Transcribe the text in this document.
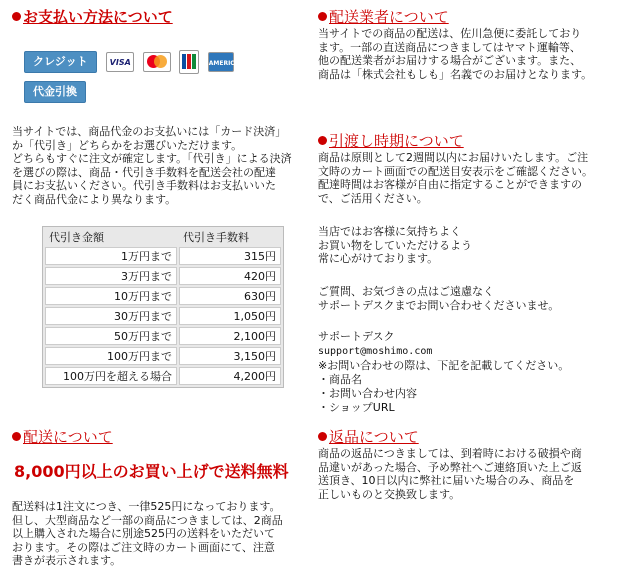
お支払い方法について
クレジット	VISA

	AMERICAN EXPRESS
代金引換
当サイトでは、商品代金のお支払いには「カード決済」
か「代引き」どちらかをお選びいただけます。
どちらもすぐに注文が確定します。「代引き」による決済
を選びの際は、商品・代引き手数料を配送会社の配達
員にお支払いください。代引き手数料はお支払いいた
だく商品代金により異なります。
代引き金額	代引き手数料
1万円まで	315円
3万円まで	420円
10万円まで	630円
30万円まで	1,050円
50万円まで	2,100円
100万円まで	3,150円
100万円を超える場合	4,200円
配送について
8,000円以上のお買い上げで送料無料
配送料は1注文につき、一律525円になっております。
但し、大型商品など一部の商品につきましては、2商品
以上購入された場合に別途525円の送料をいただいて
おります。その際はご注文時のカート画面にて、注意
書きが表示されます。
配送業者について
当サイトでの商品の配送は、佐川急便に委託しており
ます。一部の直送商品につきましてはヤマト運輸等、
他の配送業者がお届けする場合がございます。また、
商品は「株式会社もしも」名義でのお届けとなります。
引渡し時期について
商品は原則として2週間以内にお届けいたします。ご注
文時のカート画面での配送目安表示をご確認ください。
配達時間はお客様が自由に指定することができますの
で、ご活用ください。
当店ではお客様に気持ちよく
お買い物をしていただけるよう
常に心がけております。
ご質問、お気づきの点はご遠慮なく
サポートデスクまでお問い合わせくださいませ。
サポートデスク
support@moshimo.com
※お問い合わせの際は、下記を記載してください。
・商品名
・お問い合わせ内容
・ショップURL
返品について
商品の返品につきましては、到着時における破損や商
品違いがあった場合、予め弊社へご連絡頂いた上ご返
送頂き、10日以内に弊社に届いた場合のみ、商品を
正しいものと交換致します。
